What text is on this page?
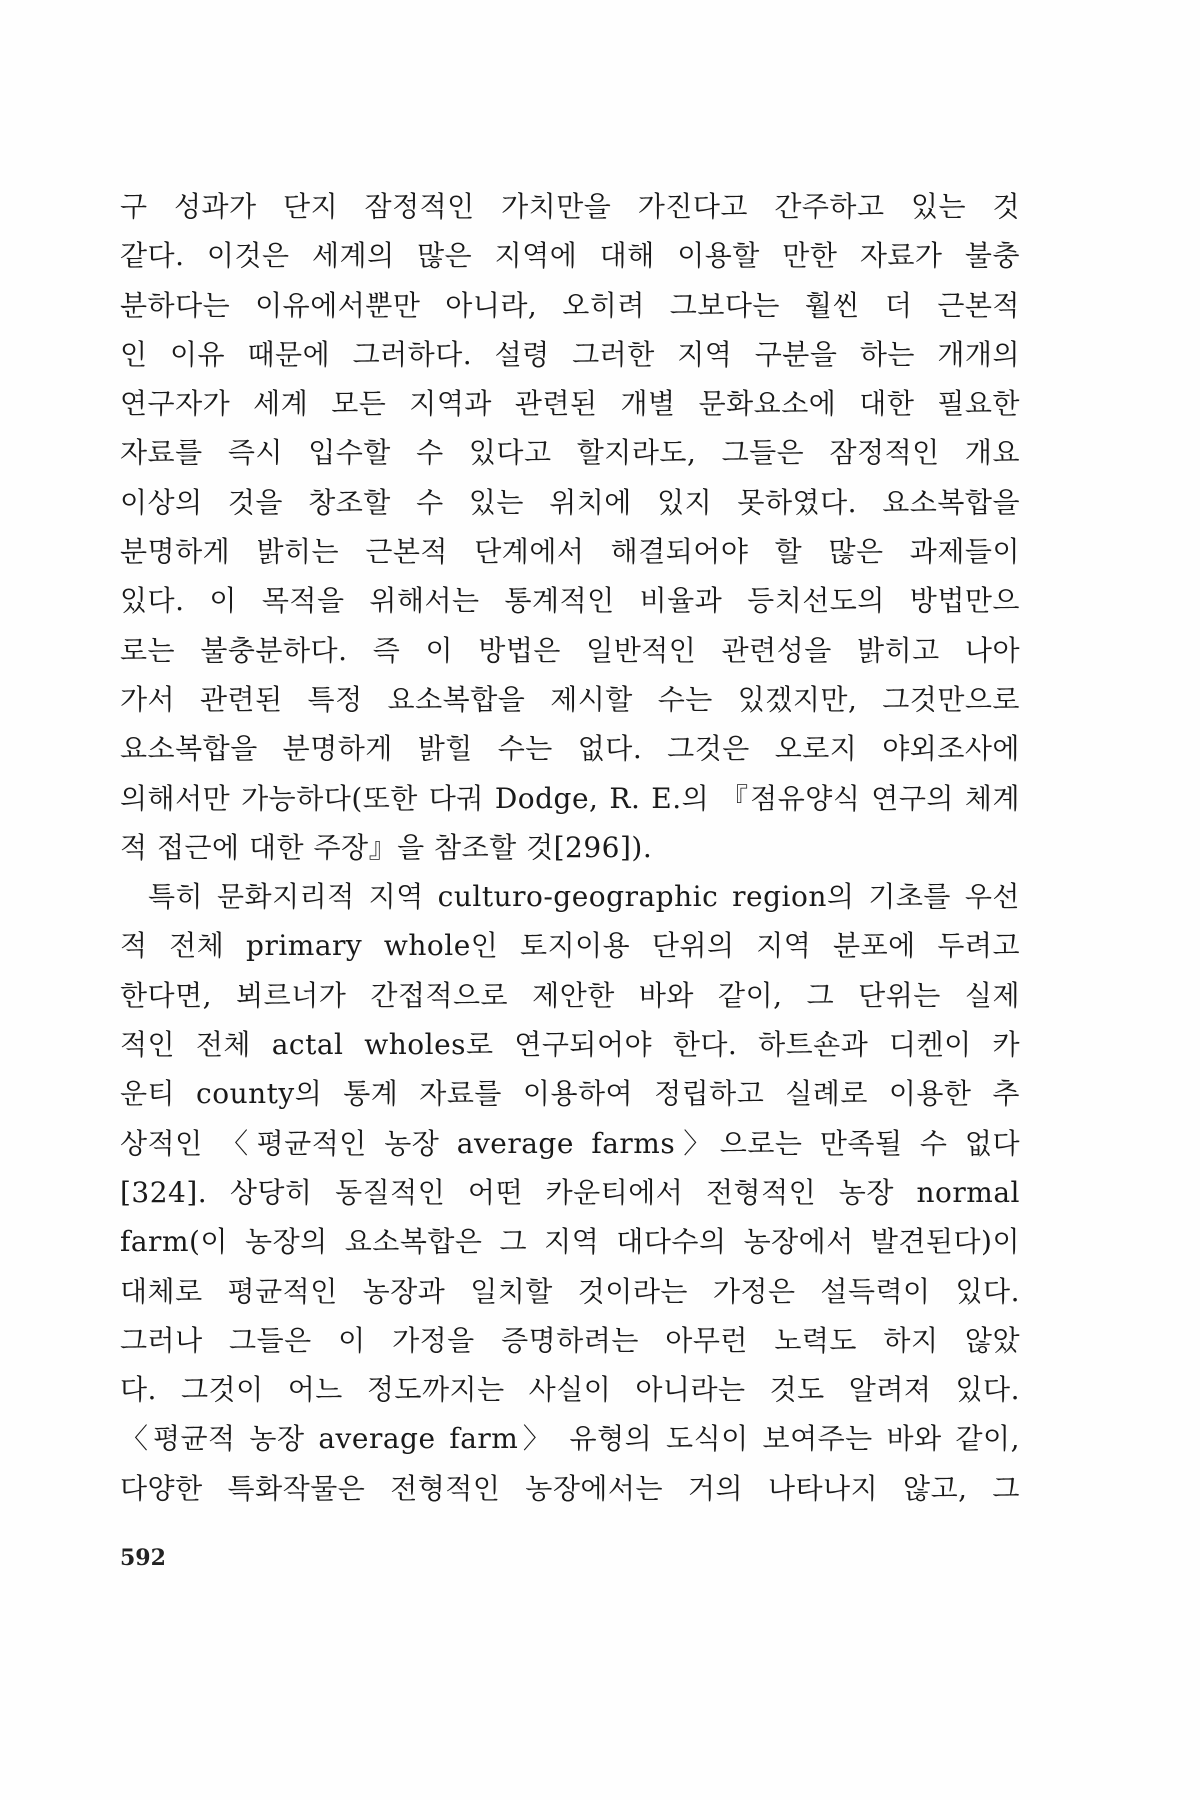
구 성과가 단지 잠정적인 가치만을 가진다고 간주하고 있는 것
같다. 이것은 세계의 많은 지역에 대해 이용할 만한 자료가 불충
분하다는 이유에서뿐만 아니라, 오히려 그보다는 훨씬 더 근본적
인 이유 때문에 그러하다. 설령 그러한 지역 구분을 하는 개개의
연구자가 세계 모든 지역과 관련된 개별 문화요소에 대한 필요한
자료를 즉시 입수할 수 있다고 할지라도, 그들은 잠정적인 개요
이상의 것을 창조할 수 있는 위치에 있지 못하였다. 요소복합을
분명하게 밝히는 근본적 단계에서 해결되어야 할 많은 과제들이
있다. 이 목적을 위해서는 통계적인 비율과 등치선도의 방법만으
로는 불충분하다. 즉 이 방법은 일반적인 관련성을 밝히고 나아
가서 관련된 특정 요소복합을 제시할 수는 있겠지만, 그것만으로
요소복합을 분명하게 밝힐 수는 없다. 그것은 오로지 야외조사에
의해서만 가능하다(또한 다궈 Dodge, R. E.의 『점유양식 연구의 체계
적 접근에 대한 주장』을 참조할 것[296]).
특히 문화지리적 지역 culturo-geographic region의 기초를 우선
적 전체 primary whole인 토지이용 단위의 지역 분포에 두려고
한다면, 뵈르너가 간접적으로 제안한 바와 같이, 그 단위는 실제
적인 전체 actal wholes로 연구되어야 한다. 하트숀과 디켄이 카
운티 county의 통계 자료를 이용하여 정립하고 실례로 이용한 추
상적인 〈평균적인 농장 average farms〉으로는 만족될 수 없다
[324]. 상당히 동질적인 어떤 카운티에서 전형적인 농장 normal
farm(이 농장의 요소복합은 그 지역 대다수의 농장에서 발견된다)이
대체로 평균적인 농장과 일치할 것이라는 가정은 설득력이 있다.
그러나 그들은 이 가정을 증명하려는 아무런 노력도 하지 않았
다. 그것이 어느 정도까지는 사실이 아니라는 것도 알려져 있다.
〈평균적 농장 average farm〉 유형의 도식이 보여주는 바와 같이,
다양한 특화작물은 전형적인 농장에서는 거의 나타나지 않고, 그
592
